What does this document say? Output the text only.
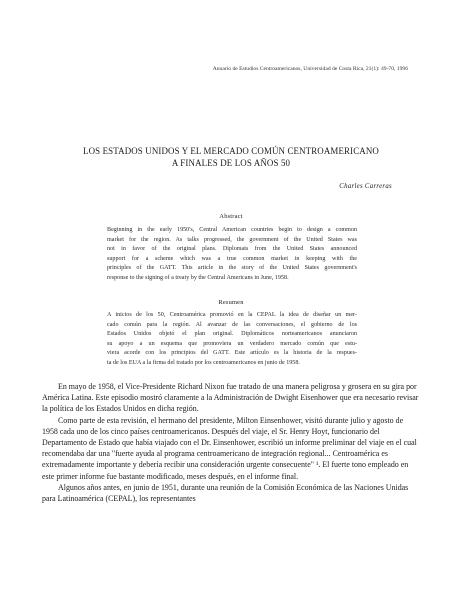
Anuario de Estudios Centroamericanos, Universidad de Costa Rica, 21(1): 49-70, 1996
LOS ESTADOS UNIDOS Y EL MERCADO COMÚN CENTROAMERICANO
A FINALES DE LOS AÑOS 50
Charles Carreras
Abstract
Beginning in the early 1950's, Central American countries begin to design a common
market for the region. As talks progressed, the government of the United States was
not in favor of the original plans. Diplomats from the United States announced
support for a scheme which was a true common market in keeping with the
principles of the GATT. This article in the story of the United States government's
response to the signing of a treaty by the Central Americans in June, 1958.
Resumen
A inicios de los 50, Centroamérica promovió en la CEPAL la idea de diseñar un mer-
cado común para la región. Al avanzar de las conversaciones, el gobierno de los
Estados Unidos objetó el plan original. Diplomáticos norteamericanos anunciaron
su apoyo a un esquema que promoviera un verdadero mercado común que estu-
viera acorde con los principios del GATT. Este artículo es la historia de la respues-
ta de los EUA a la firma del tratado por los centroamericanos en junio de 1958.

En mayo de 1958, el Vice-Presidente Richard Nixon fue tratado de una manera peligrosa y grosera en su gira por América Latina. Este episodio mostró claramente a la Administración de Dwight Eisenhower que era necesario revisar la política de los Estados Unidos en dicha región.

Como parte de esta revisión, el hermano del presidente, Milton Einsenhower, visitó durante julio y agosto de 1958 cada uno de los cinco países centroamericanos. Después del viaje, el Sr. Henry Hoyt, funcionario del Departamento de Estado que había viajado con el Dr. Einsenhower, escribió un informe preliminar del viaje en el cual recomendaba dar una "fuerte ayuda al programa centroamericano de integración regional... Centroamérica es extremadamente importante y debería recibir una consideración urgente consecuente" ¹. El fuerte tono empleado en este primer informe fue bastante modificado, meses después, en el informe final.

Algunos años antes, en junio de 1951, durante una reunión de la Comisión Económica de las Naciones Unidas para Latinoamérica (CEPAL), los representantes
